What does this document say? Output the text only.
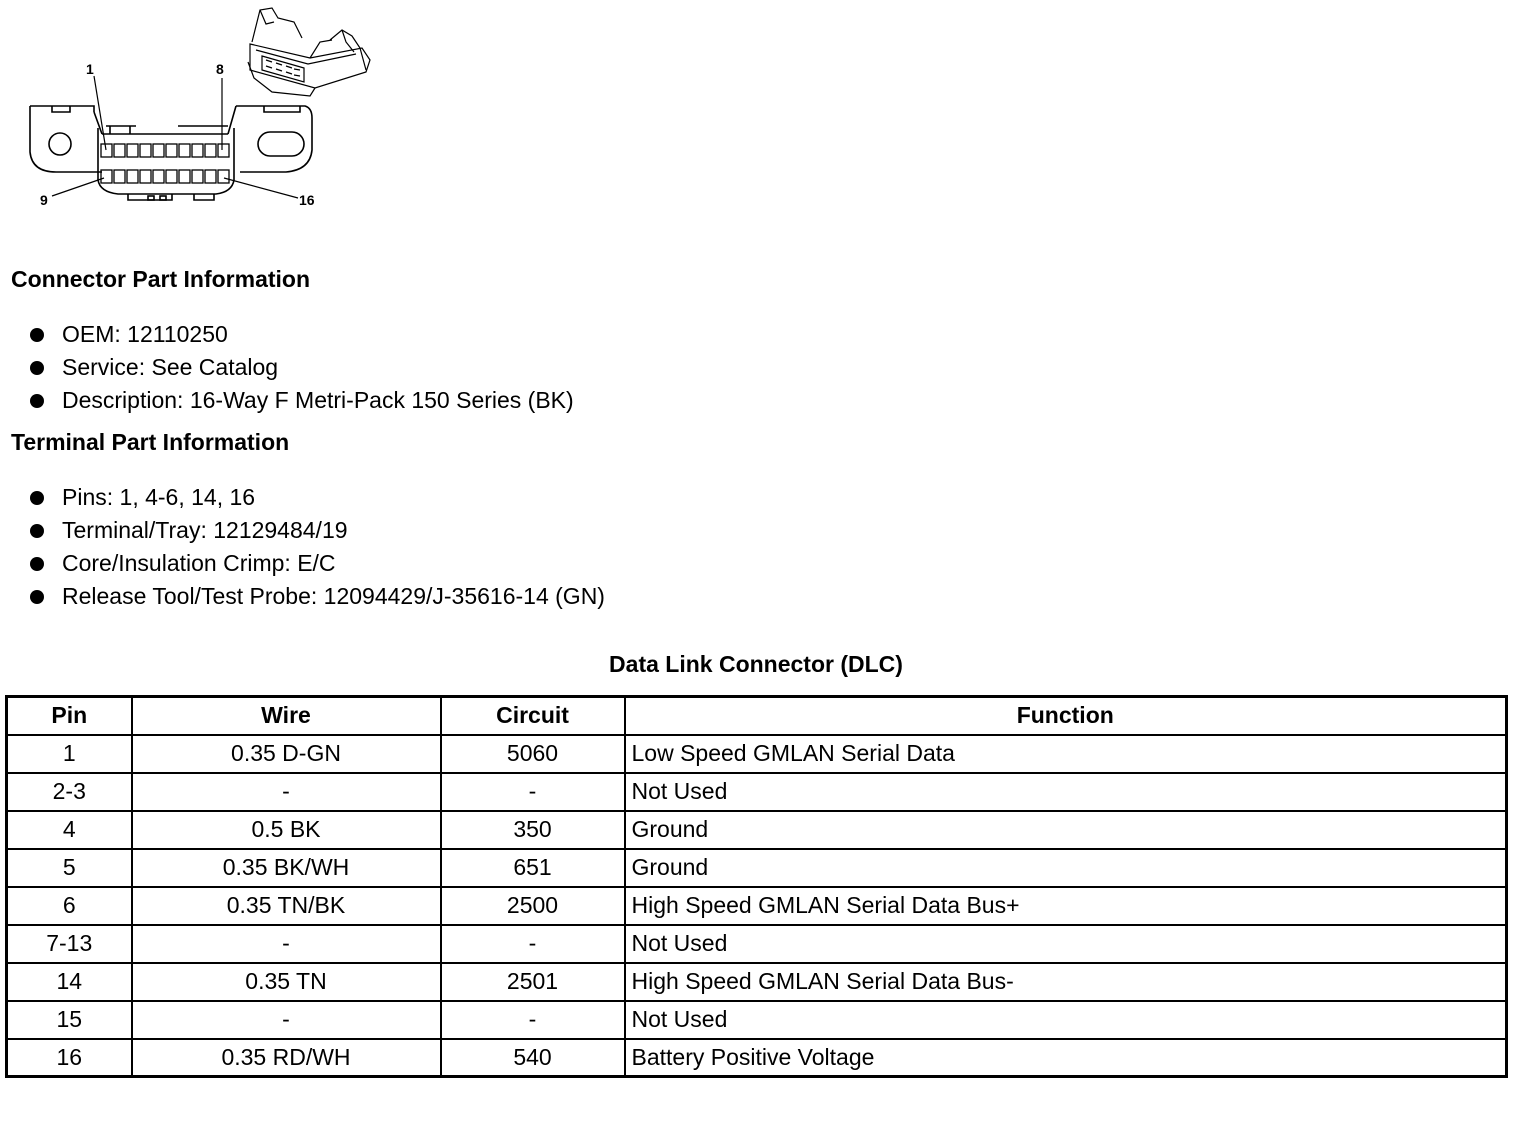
1	8
9	16
Connector Part Information
OEM: 12110250
Service: See Catalog
Description: 16-Way F Metri-Pack 150 Series (BK)
Terminal Part Information
Pins: 1, 4-6, 14, 16
Terminal/Tray: 12129484/19
Core/Insulation Crimp: E/C
Release Tool/Test Probe: 12094429/J-35616-14 (GN)
Data Link Connector (DLC)
Pin	Wire	Circuit	Function
1	0.35 D-GN	5060	Low Speed GMLAN Serial Data
2-3	-	-	Not Used
4	0.5 BK	350	Ground
5	0.35 BK/WH	651	Ground
6	0.35 TN/BK	2500	High Speed GMLAN Serial Data Bus+
7-13	-	-	Not Used
14	0.35 TN	2501	High Speed GMLAN Serial Data Bus-
15	-	-	Not Used
16	0.35 RD/WH	540	Battery Positive Voltage
